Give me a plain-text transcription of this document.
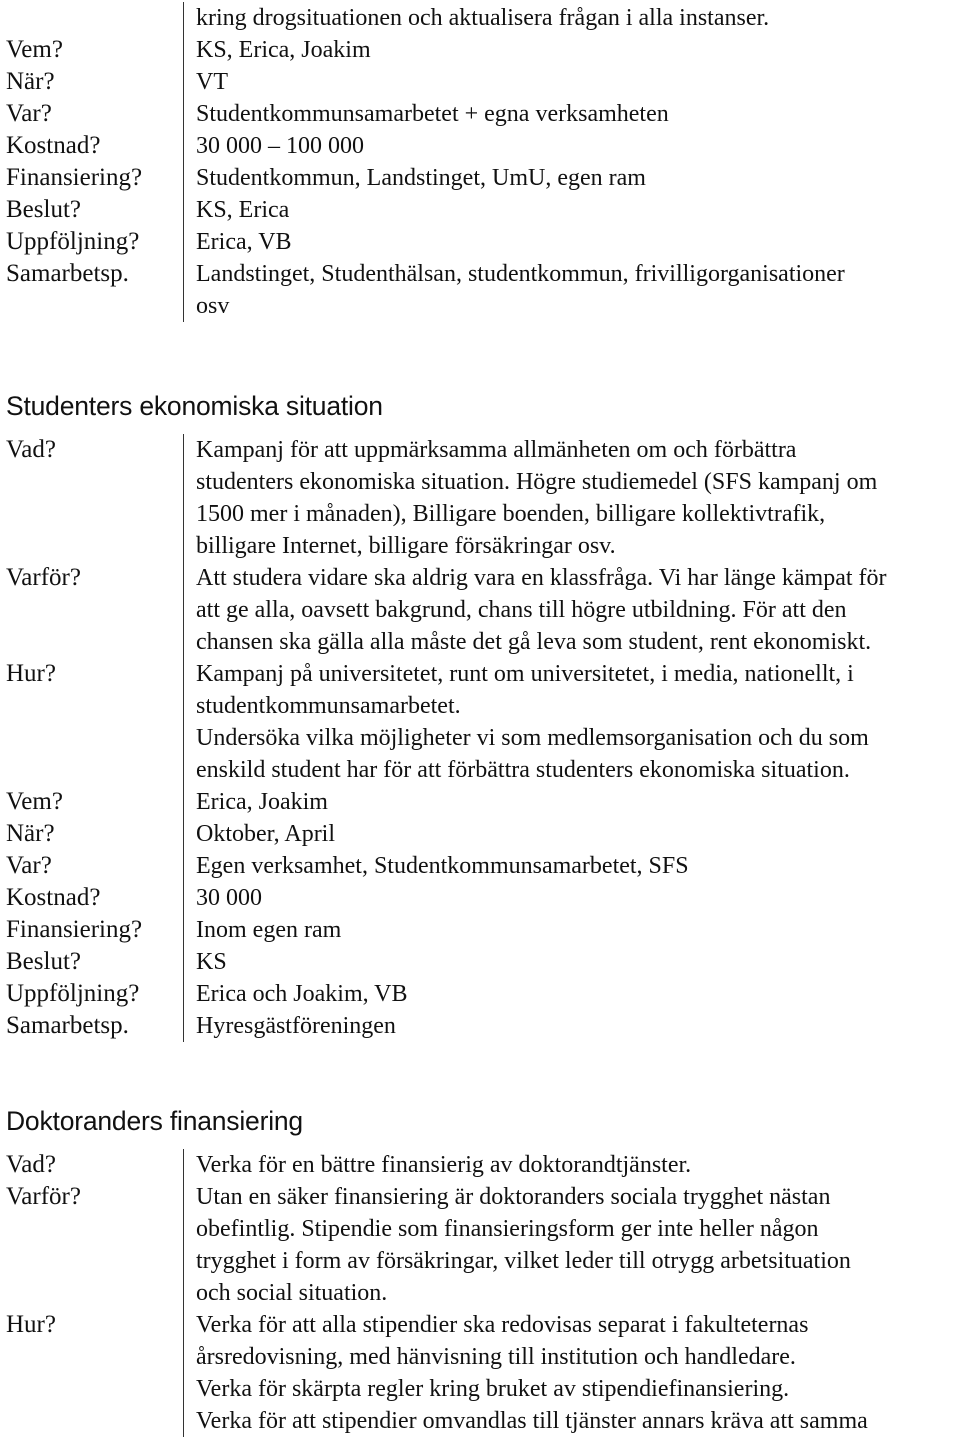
kring drogsituationen och aktualisera frågan i alla instanser.
Vem?	KS, Erica, Joakim
När?	VT
Var?	Studentkommunsamarbetet + egna verksamheten
Kostnad?	30 000 – 100 000
Finansiering?	Studentkommun, Landstinget, UmU, egen ram
Beslut?	KS, Erica
Uppföljning?	Erica, VB
Samarbetsp.	Landstinget, Studenthälsan, studentkommun, frivilligorganisationer
osv
Studenters ekonomiska situation
Vad?	Kampanj för att uppmärksamma allmänheten om och förbättra
studenters ekonomiska situation. Högre studiemedel (SFS kampanj om
1500 mer i månaden), Billigare boenden, billigare kollektivtrafik,
billigare Internet, billigare försäkringar osv.
Varför?	Att studera vidare ska aldrig vara en klassfråga. Vi har länge kämpat för
att ge alla, oavsett bakgrund, chans till högre utbildning. För att den
chansen ska gälla alla måste det gå leva som student, rent ekonomiskt.
Hur?	Kampanj på universitetet, runt om universitetet, i media, nationellt, i
studentkommunsamarbetet.
Undersöka vilka möjligheter vi som medlemsorganisation och du som
enskild student har för att förbättra studenters ekonomiska situation.
Vem?	Erica, Joakim
När?	Oktober, April
Var?	Egen verksamhet, Studentkommunsamarbetet, SFS
Kostnad?	30 000
Finansiering?	Inom egen ram
Beslut?	KS
Uppföljning?	Erica och Joakim, VB
Samarbetsp.	Hyresgästföreningen
Doktoranders finansiering
Vad?	Verka för en bättre finansierig av doktorandtjänster.
Varför?	Utan en säker finansiering är doktoranders sociala trygghet nästan
obefintlig. Stipendie som finansieringsform ger inte heller någon
trygghet i form av försäkringar, vilket leder till otrygg arbetsituation
och social situation.
Hur?	Verka för att alla stipendier ska redovisas separat i fakulteternas
årsredovisning, med hänvisning till institution och handledare.
Verka för skärpta regler kring bruket av stipendiefinansiering.
Verka för att stipendier omvandlas till tjänster annars kräva att samma
